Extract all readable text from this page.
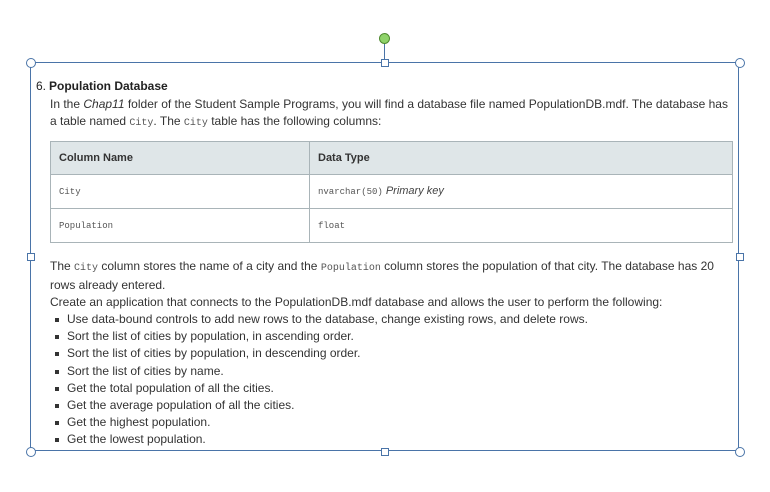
6. Population Database

In the Chap11 folder of the Student Sample Programs, you will find a database file named PopulationDB.mdf. The database has a table named City. The City table has the following columns:

Column Name	Data Type
City	nvarchar(50) Primary key
Population	float

The City column stores the name of a city and the Population column stores the population of that city. The database has 20 rows already entered.

Create an application that connects to the PopulationDB.mdf database and allows the user to perform the following:

Use data-bound controls to add new rows to the database, change existing rows, and delete rows.
Sort the list of cities by population, in ascending order.
Sort the list of cities by population, in descending order.
Sort the list of cities by name.
Get the total population of all the cities.
Get the average population of all the cities.
Get the highest population.
Get the lowest population.
